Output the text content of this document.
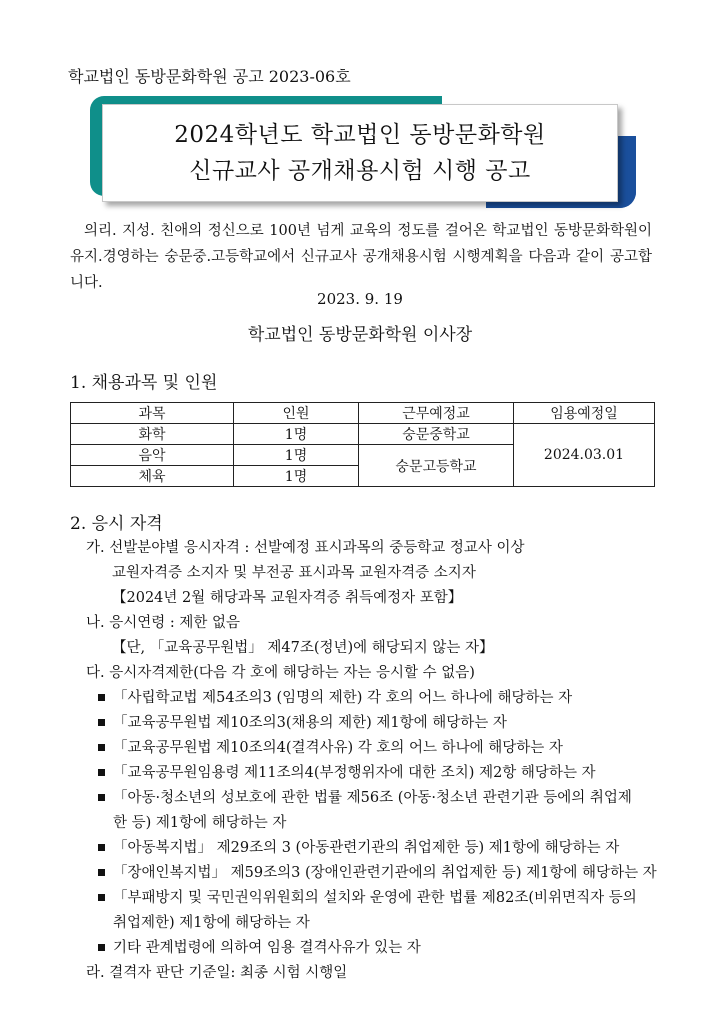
학교법인 동방문화학원 공고 2023-06호
2024학년도 학교법인 동방문화학원
신규교사 공개채용시험 시행 공고
의리. 지성. 친애의 정신으로 100년 넘게 교육의 정도를 걸어온 학교법인 동방문화학원이 유지.경영하는 숭문중.고등학교에서 신규교사 공개채용시험 시행계획을 다음과 같이 공고합니다.
2023. 9. 19
학교법인 동방문화학원 이사장
1. 채용과목 및 인원
과목	인원	근무예정교	임용예정일
화학	1명	숭문중학교	2024.03.01
음악	1명	숭문고등학교	
체육	1명		
2. 응시 자격
가. 선발분야별 응시자격 : 선발예정 표시과목의 중등학교 정교사 이상
교원자격증 소지자 및 부전공 표시과목 교원자격증 소지자
【2024년 2월 해당과목 교원자격증 취득예정자 포함】
나. 응시연령 : 제한 없음
【단, 「교육공무원법」 제47조(정년)에 해당되지 않는 자】
다. 응시자격제한(다음 각 호에 해당하는 자는 응시할 수 없음)
「사립학교법 제54조의3 (임명의 제한) 각 호의 어느 하나에 해당하는 자
「교육공무원법 제10조의3(채용의 제한) 제1항에 해당하는 자
「교육공무원법 제10조의4(결격사유) 각 호의 어느 하나에 해당하는 자
「교육공무원임용령 제11조의4(부정행위자에 대한 조치) 제2항 해당하는 자
「아동·청소년의 성보호에 관한 법률 제56조 (아동·청소년 관련기관 등에의 취업제
한 등) 제1항에 해당하는 자
「아동복지법」 제29조의 3 (아동관련기관의 취업제한 등) 제1항에 해당하는 자
「장애인복지법」 제59조의3 (장애인관련기관에의 취업제한 등) 제1항에 해당하는 자
「부패방지 및 국민권익위원회의 설치와 운영에 관한 법률 제82조(비위면직자 등의
취업제한) 제1항에 해당하는 자
기타 관계법령에 의하여 임용 결격사유가 있는 자
라. 결격자 판단 기준일: 최종 시험 시행일
